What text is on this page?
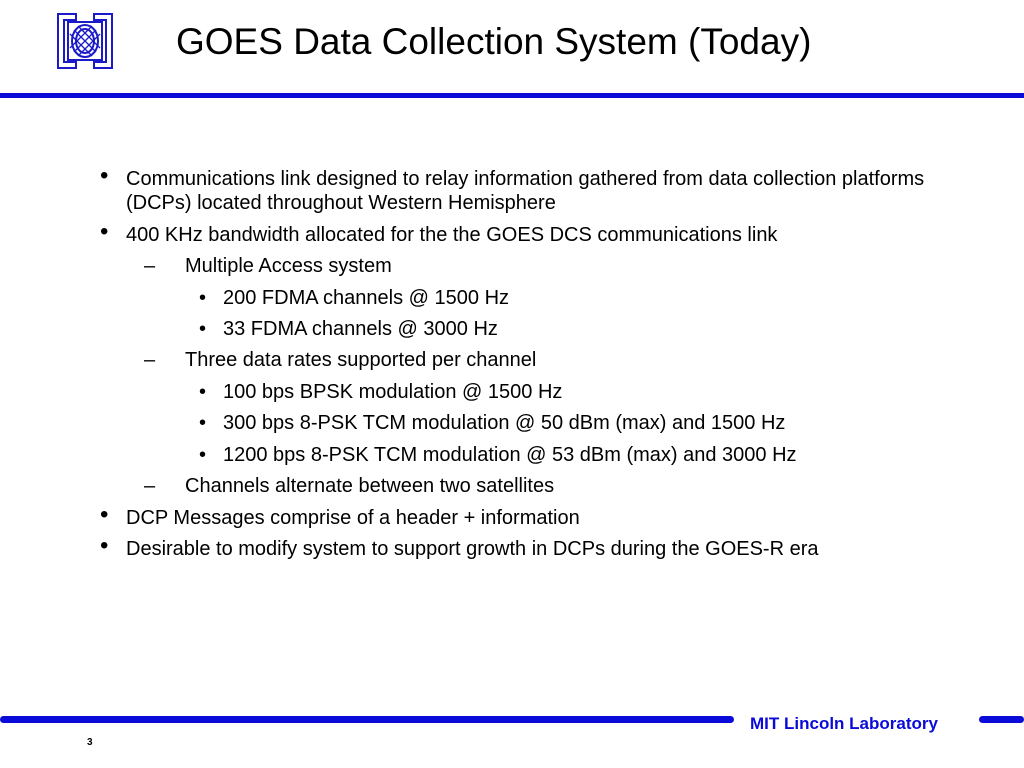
GOES Data Collection System (Today)
• Communications link designed to relay information gathered from data collection platforms (DCPs) located throughout Western Hemisphere
• 400 KHz bandwidth allocated for the the GOES DCS communications link
– Multiple Access system
• 200 FDMA channels @ 1500 Hz
• 33 FDMA channels @ 3000 Hz
– Three data rates supported per channel
• 100 bps BPSK modulation @ 1500 Hz
• 300 bps 8-PSK TCM modulation @ 50 dBm (max) and 1500 Hz
• 1200 bps 8-PSK TCM modulation @ 53 dBm (max) and 3000 Hz
– Channels alternate between two satellites
• DCP Messages comprise of a header + information
• Desirable to modify system to support growth in DCPs during the GOES-R era
MIT Lincoln Laboratory
3
